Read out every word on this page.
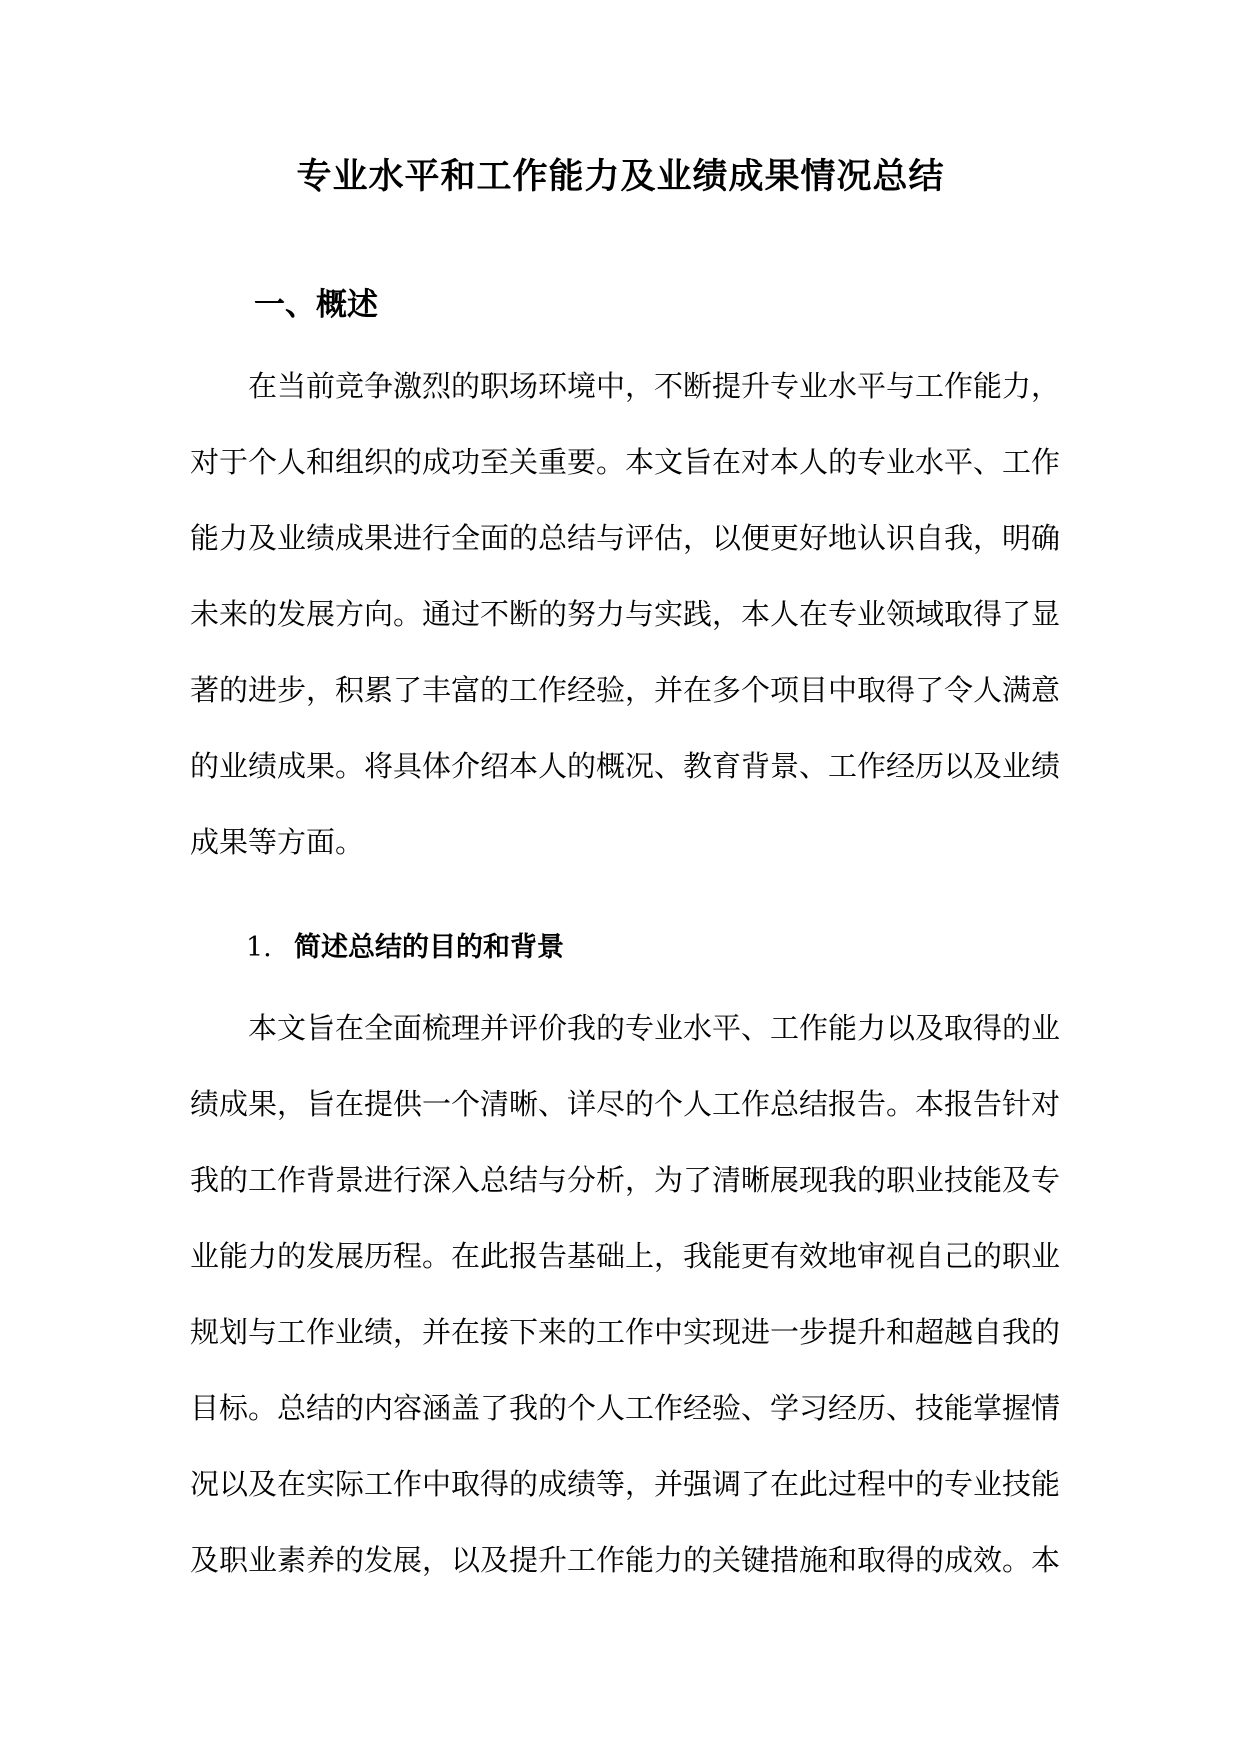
专业水平和工作能力及业绩成果情况总结
一、概述
在当前竞争激烈的职场环境中，不断提升专业水平与工作能力，
对于个人和组织的成功至关重要。本文旨在对本人的专业水平、工作
能力及业绩成果进行全面的总结与评估，以便更好地认识自我，明确
未来的发展方向。通过不断的努力与实践，本人在专业领域取得了显
著的进步，积累了丰富的工作经验，并在多个项目中取得了令人满意
的业绩成果。将具体介绍本人的概况、教育背景、工作经历以及业绩
成果等方面。
1. 简述总结的目的和背景
本文旨在全面梳理并评价我的专业水平、工作能力以及取得的业
绩成果，旨在提供一个清晰、详尽的个人工作总结报告。本报告针对
我的工作背景进行深入总结与分析，为了清晰展现我的职业技能及专
业能力的发展历程。在此报告基础上，我能更有效地审视自己的职业
规划与工作业绩，并在接下来的工作中实现进一步提升和超越自我的
目标。总结的内容涵盖了我的个人工作经验、学习经历、技能掌握情
况以及在实际工作中取得的成绩等，并强调了在此过程中的专业技能
及职业素养的发展，以及提升工作能力的关键措施和取得的成效。本
